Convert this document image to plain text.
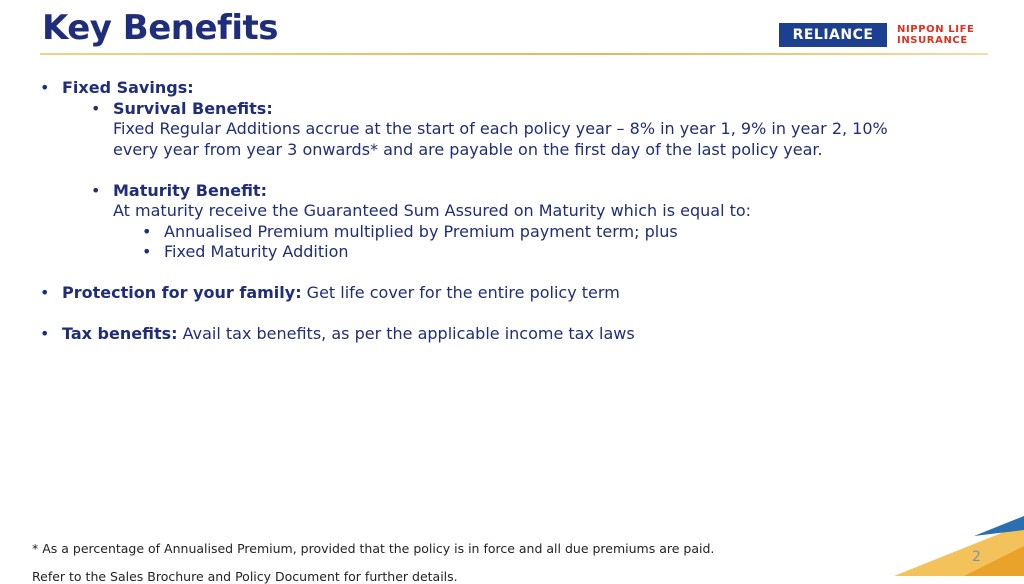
Key Benefits	RELIANCE	NIPPON LIFE
INSURANCE
• Fixed Savings:
• Survival Benefits:
Fixed Regular Additions accrue at the start of each policy year – 8% in year 1, 9% in year 2, 10%
every year from year 3 onwards* and are payable on the first day of the last policy year.
• Maturity Benefit:
At maturity receive the Guaranteed Sum Assured on Maturity which is equal to:
• Annualised Premium multiplied by Premium payment term; plus
• Fixed Maturity Addition
• Protection for your family: Get life cover for the entire policy term
• Tax benefits: Avail tax benefits, as per the applicable income tax laws
* As a percentage of Annualised Premium, provided that the policy is in force and all due premiums are paid.
Refer to the Sales Brochure and Policy Document for further details.
2
